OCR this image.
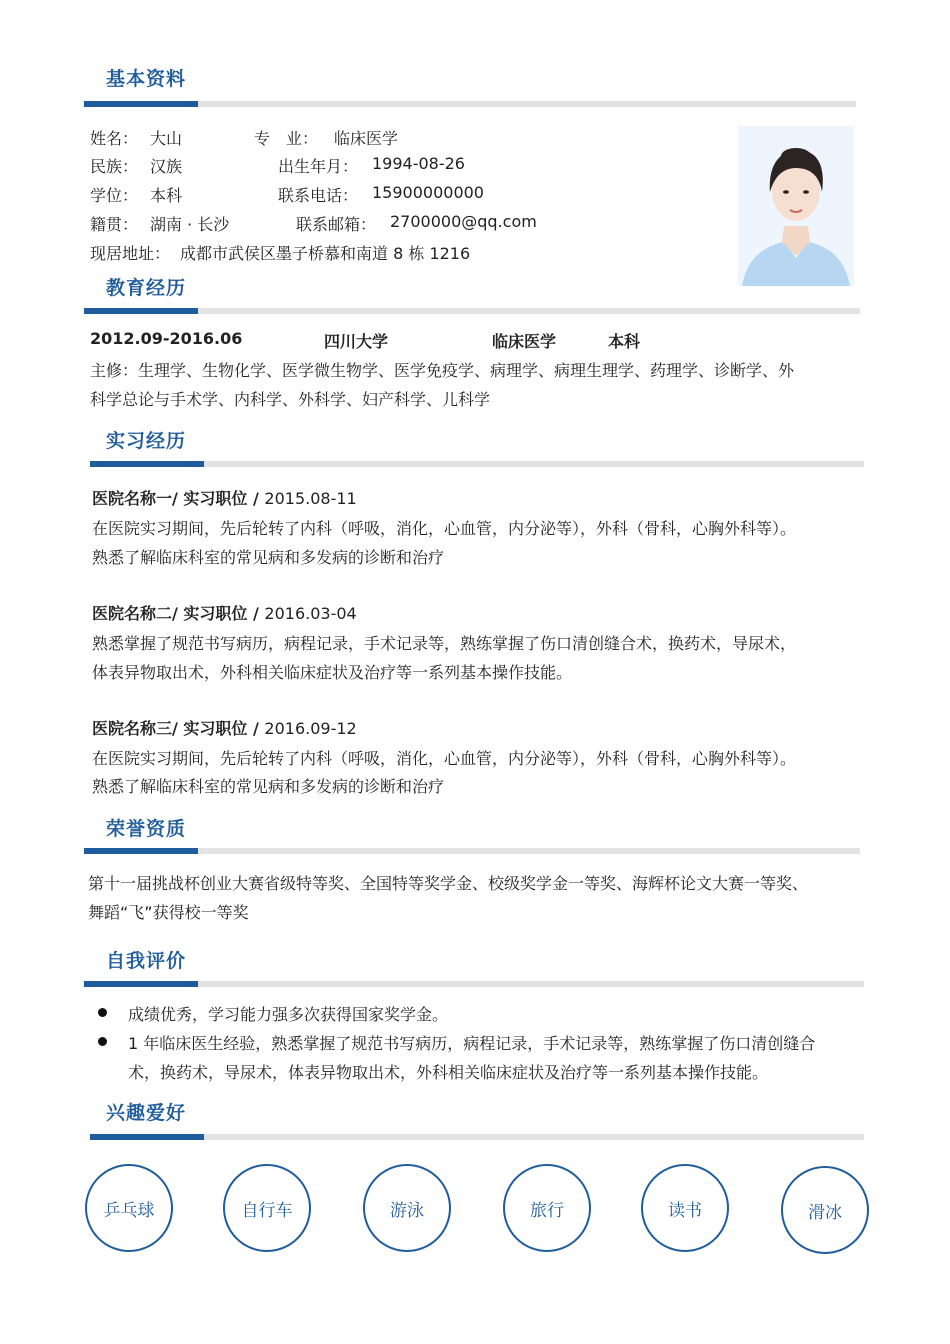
基本资料
姓名： 大山	专　业： 临床医学
民族： 汉族	出生年月： 1994-08-26
学位： 本科	联系电话： 15900000000
籍贯： 湖南 · 长沙	联系邮箱： 2700000@qq.com
现居地址： 成都市武侯区墨子桥慕和南道 8 栋 1216
教育经历
2012.09-2016.06	四川大学	临床医学	本科
主修：生理学、生物化学、医学微生物学、医学免疫学、病理学、病理生理学、药理学、诊断学、外
科学总论与手术学、内科学、外科学、妇产科学、儿科学
实习经历
医院名称一/ 实习职位 / 2015.08-11
在医院实习期间，先后轮转了内科（呼吸，消化，心血管，内分泌等），外科（骨科，心胸外科等）。
熟悉了解临床科室的常见病和多发病的诊断和治疗
医院名称二/ 实习职位 / 2016.03-04
熟悉掌握了规范书写病历，病程记录，手术记录等，熟练掌握了伤口清创缝合术，换药术，导尿术，
体表异物取出术，外科相关临床症状及治疗等一系列基本操作技能。
医院名称三/ 实习职位 / 2016.09-12
在医院实习期间，先后轮转了内科（呼吸，消化，心血管，内分泌等），外科（骨科，心胸外科等）。
熟悉了解临床科室的常见病和多发病的诊断和治疗
荣誉资质
第十一届挑战杯创业大赛省级特等奖、全国特等奖学金、校级奖学金一等奖、海辉杯论文大赛一等奖、
舞蹈“飞”获得校一等奖
自我评价
成绩优秀，学习能力强多次获得国家奖学金。
1 年临床医生经验，熟悉掌握了规范书写病历，病程记录，手术记录等，熟练掌握了伤口清创缝合
术，换药术，导尿术，体表异物取出术，外科相关临床症状及治疗等一系列基本操作技能。
兴趣爱好
乒乓球	自行车	游泳	旅行	读书	滑冰
